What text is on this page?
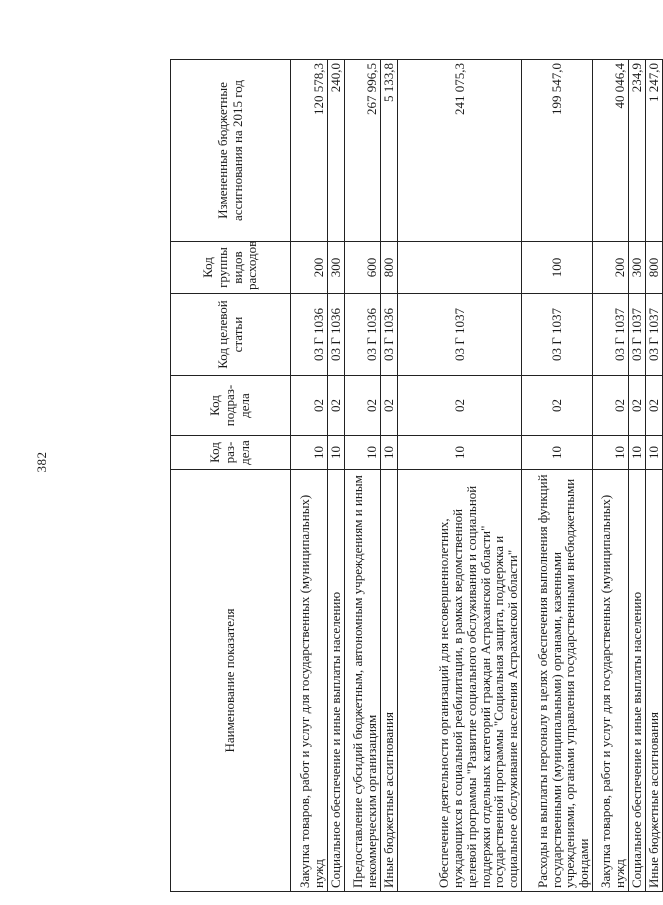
382
Наименование показателя	Код раз- дела	Код подраз- дела	Код целевой статьи	Код группы видов расходов	Измененные бюджетные ассигнования на 2015 год
Закупка товаров, работ и услуг для государственных (муниципальных) нужд	10	02	03 Г 1036	200	120 578,3
Социальное обеспечение и иные выплаты населению	10	02	03 Г 1036	300	240,0
Предоставление субсидий бюджетным, автономным учреждениям и иным некоммерческим организациям	10	02	03 Г 1036	600	267 996,5
Иные бюджетные ассигнования	10	02	03 Г 1036	800	5 133,8
Обеспечение деятельности организаций для несовершеннолетних, нуждающихся в социальной реабилитации, в рамках ведомственной целевой программы "Развитие социального обслуживания и социальной поддержки отдельных категорий граждан Астраханской области" государственной программы "Социальная защита, поддержка и социальное обслуживание населения Астраханской области"	10	02	03 Г 1037		241 075,3
Расходы на выплаты персоналу в целях обеспечения выполнения функций государственными (муниципальными) органами, казенными учреждениями, органами управления государственными внебюджетными фондами	10	02	03 Г 1037	100	199 547,0
Закупка товаров, работ и услуг для государственных (муниципальных) нужд	10	02	03 Г 1037	200	40 046,4
Социальное обеспечение и иные выплаты населению	10	02	03 Г 1037	300	234,9
Иные бюджетные ассигнования	10	02	03 Г 1037	800	1 247,0
